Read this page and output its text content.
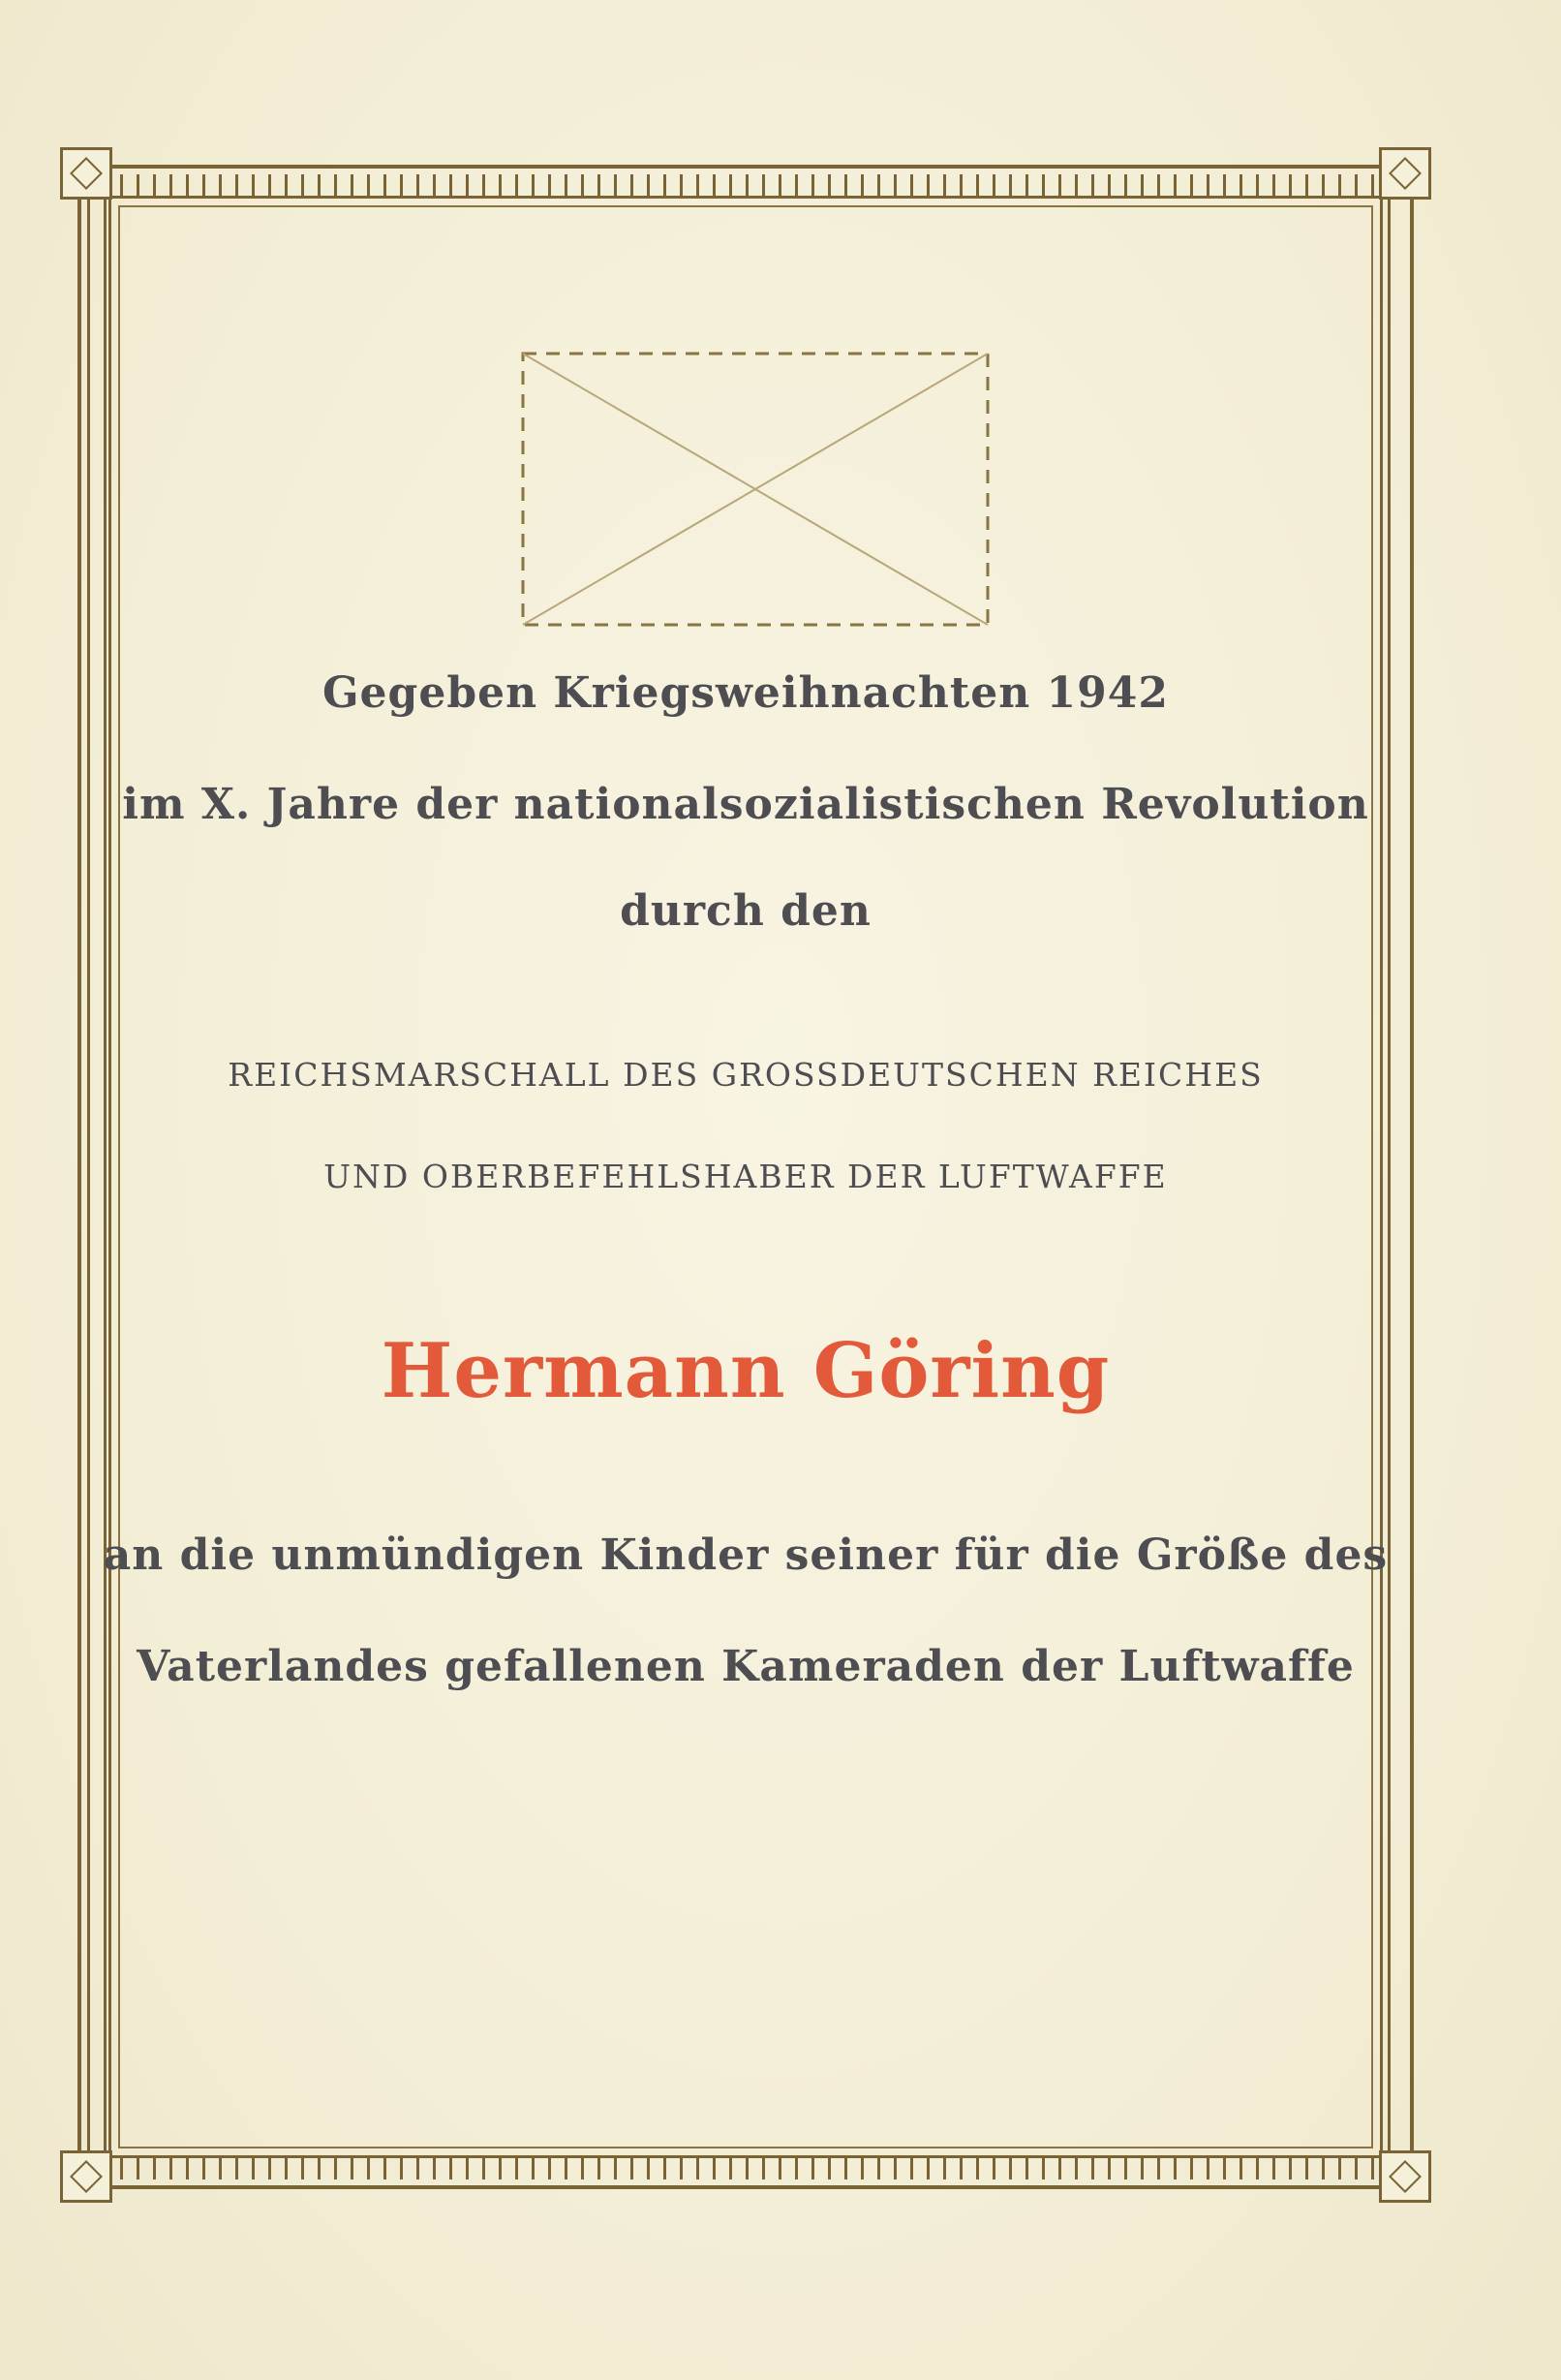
Gegeben Kriegsweihnachten 1942
im X. Jahre der nationalsozialistischen Revolution
durch den
REICHSMARSCHALL DES GROSSDEUTSCHEN REICHES
UND OBERBEFEHLSHABER DER LUFTWAFFE
Hermann Göring
an die unmündigen Kinder seiner für die Größe des
Vaterlandes gefallenen Kameraden der Luftwaffe
